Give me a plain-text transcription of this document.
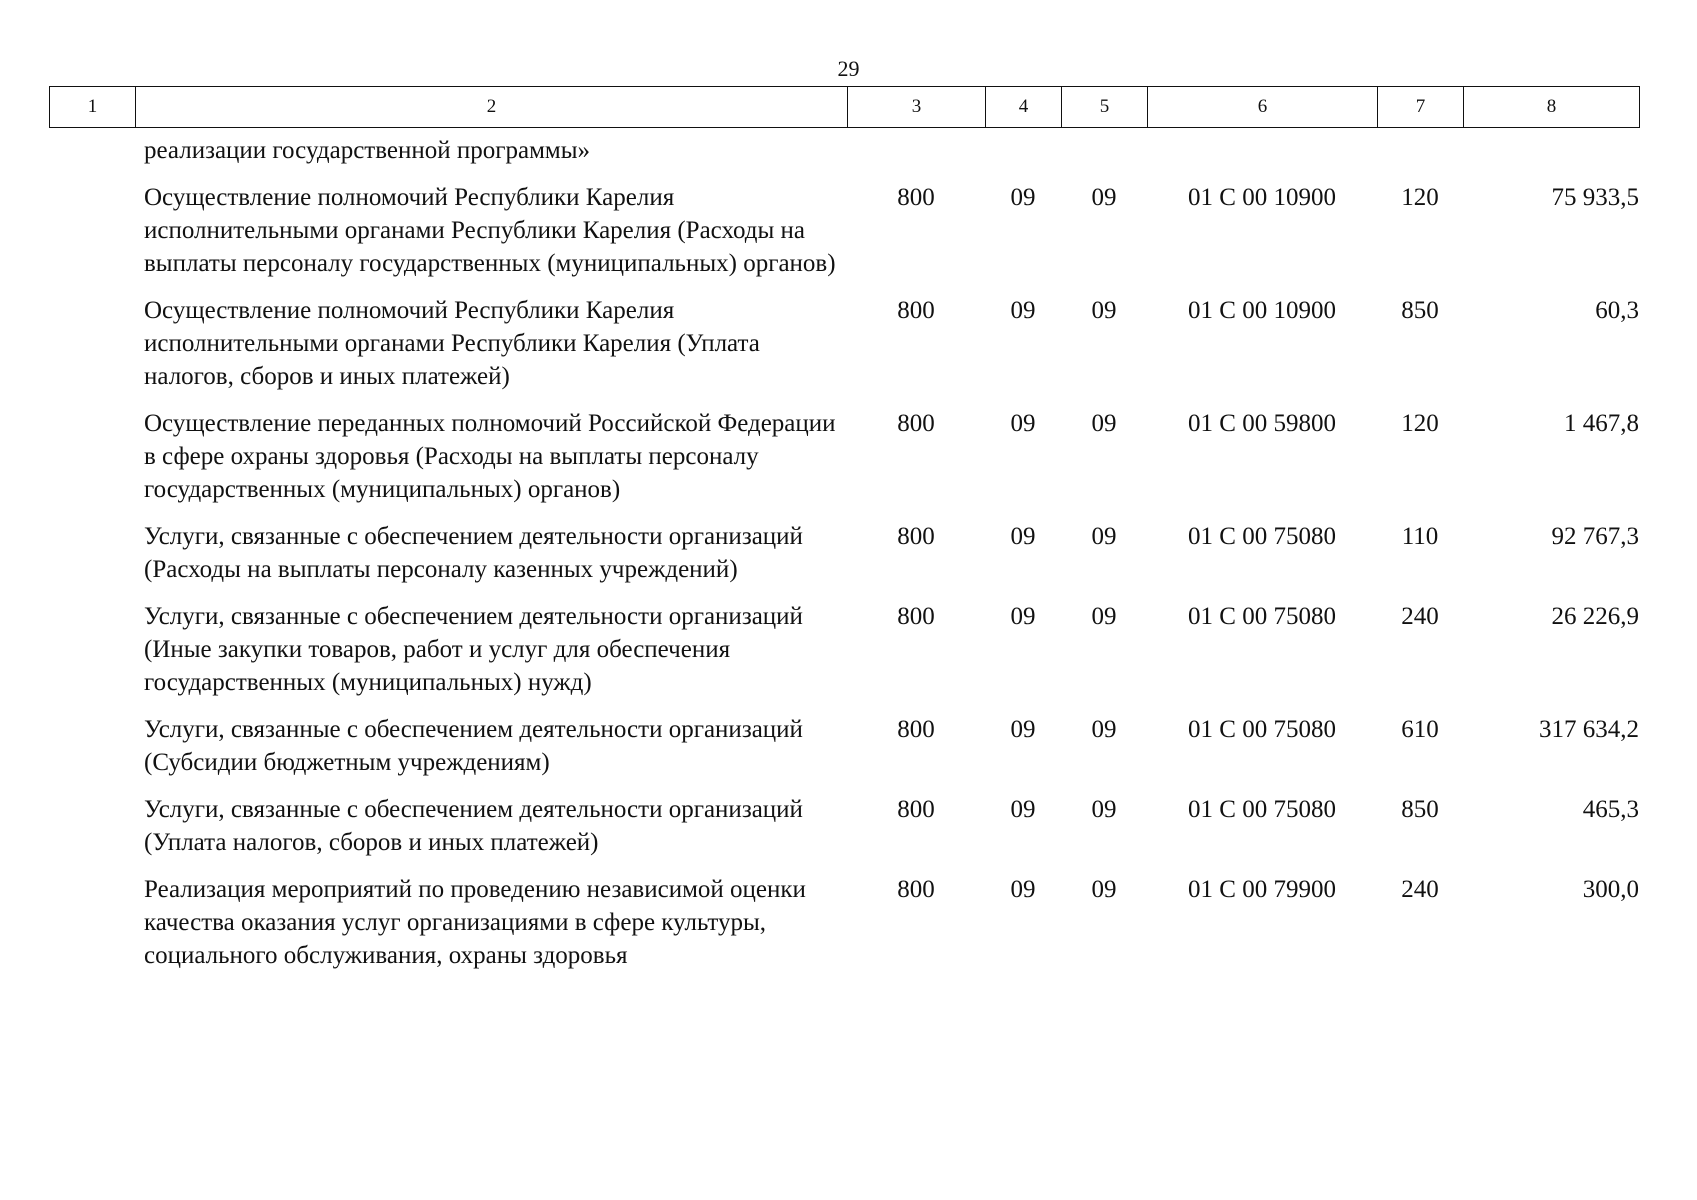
29
1	2	3	4	5	6	7	8
реализации государственной программы»						
Осуществление полномочий Республики Карелия исполнительными органами Республики Карелия (Расходы на выплаты персоналу государственных (муниципальных) органов)	800	09	09	01 С 00 10900	120	75 933,5
Осуществление полномочий Республики Карелия исполнительными органами Республики Карелия (Уплата налогов, сборов и иных платежей)	800	09	09	01 С 00 10900	850	60,3
Осуществление переданных полномочий Российской Федерации в сфере охраны здоровья (Расходы на выплаты персоналу государственных (муниципальных) органов)	800	09	09	01 С 00 59800	120	1 467,8
Услуги, связанные с обеспечением деятельности организаций (Расходы на выплаты персоналу казенных учреждений)	800	09	09	01 С 00 75080	110	92 767,3
Услуги, связанные с обеспечением деятельности организаций (Иные закупки товаров, работ и услуг для обеспечения государственных (муниципальных) нужд)	800	09	09	01 С 00 75080	240	26 226,9
Услуги, связанные с обеспечением деятельности организаций (Субсидии бюджетным учреждениям)	800	09	09	01 С 00 75080	610	317 634,2
Услуги, связанные с обеспечением деятельности организаций (Уплата налогов, сборов и иных платежей)	800	09	09	01 С 00 75080	850	465,3
Реализация мероприятий по проведению независимой оценки качества оказания услуг организациями в сфере культуры, социального обслуживания, охраны здоровья	800	09	09	01 С 00 79900	240	300,0
